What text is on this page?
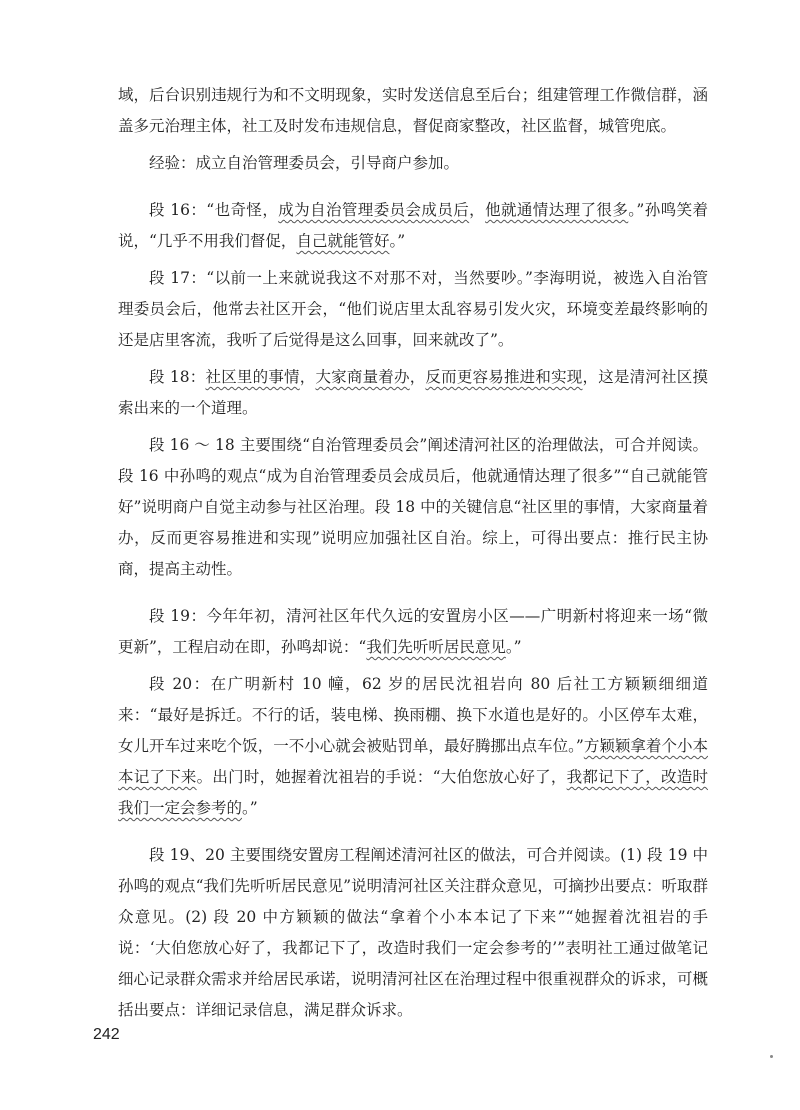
域，后台识别违规行为和不文明现象，实时发送信息至后台；组建管理工作微信群，涵盖多元治理主体，社工及时发布违规信息，督促商家整改，社区监督，城管兜底。

经验：成立自治管理委员会，引导商户参加。

段 16：“也奇怪，成为自治管理委员会成员后，他就通情达理了很多。”孙鸣笑着说，“几乎不用我们督促，自己就能管好。”

段 17：“以前一上来就说我这不对那不对，当然要吵。”李海明说，被选入自治管理委员会后，他常去社区开会，“他们说店里太乱容易引发火灾，环境变差最终影响的还是店里客流，我听了后觉得是这么回事，回来就改了”。

段 18：社区里的事情，大家商量着办，反而更容易推进和实现，这是清河社区摸索出来的一个道理。

段 16 ～ 18 主要围绕“自治管理委员会”阐述清河社区的治理做法，可合并阅读。段 16 中孙鸣的观点“成为自治管理委员会成员后，他就通情达理了很多”“自己就能管好”说明商户自觉主动参与社区治理。段 18 中的关键信息“社区里的事情，大家商量着办，反而更容易推进和实现”说明应加强社区自治。综上，可得出要点：推行民主协商，提高主动性。

段 19：今年年初，清河社区年代久远的安置房小区——广明新村将迎来一场“微更新”，工程启动在即，孙鸣却说：“我们先听听居民意见。”

段 20：在广明新村 10 幢，62 岁的居民沈祖岩向 80 后社工方颖颖细细道来：“最好是拆迁。不行的话，装电梯、换雨棚、换下水道也是好的。小区停车太难，女儿开车过来吃个饭，一不小心就会被贴罚单，最好腾挪出点车位。”方颖颖拿着个小本本记了下来。出门时，她握着沈祖岩的手说：“大伯您放心好了，我都记下了，改造时我们一定会参考的。”

段 19、20 主要围绕安置房工程阐述清河社区的做法，可合并阅读。(1) 段 19 中孙鸣的观点“我们先听听居民意见”说明清河社区关注群众意见，可摘抄出要点：听取群众意见。(2) 段 20 中方颖颖的做法“拿着个小本本记了下来”“她握着沈祖岩的手说：‘大伯您放心好了，我都记下了，改造时我们一定会参考的’”表明社工通过做笔记细心记录群众需求并给居民承诺，说明清河社区在治理过程中很重视群众的诉求，可概括出要点：详细记录信息，满足群众诉求。

242
